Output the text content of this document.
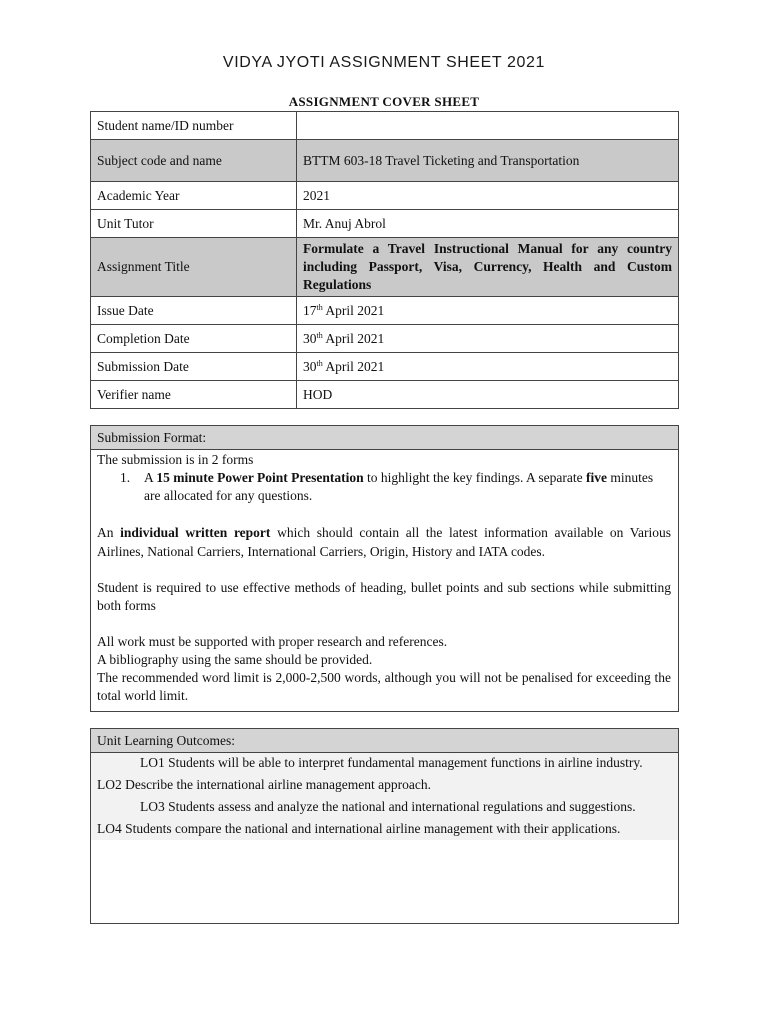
VIDYA JYOTI ASSIGNMENT SHEET 2021
ASSIGNMENT COVER SHEET
Student name/ID number	
Subject code and name	BTTM 603-18 Travel Ticketing and Transportation
Academic Year	2021
Unit Tutor	Mr. Anuj Abrol
Assignment Title	Formulate a Travel Instructional Manual for any country including Passport, Visa, Currency, Health and Custom Regulations
Issue Date	17th April 2021
Completion Date	30th April 2021
Submission Date	30th April 2021
Verifier name	HOD
Submission Format:
The submission is in 2 forms
1.	A 15 minute Power Point Presentation to highlight the key findings. A separate five minutes are allocated for any questions.
An individual written report which should contain all the latest information available on Various Airlines, National Carriers, International Carriers, Origin, History and IATA codes.
Student is required to use effective methods of heading, bullet points and sub sections while submitting both forms
All work must be supported with proper research and references.
A bibliography using the same should be provided.
The recommended word limit is 2,000-2,500 words, although you will not be penalised for exceeding the total world limit.
Unit Learning Outcomes:
LO1 Students will be able to interpret fundamental management functions in airline industry.
LO2 Describe the international airline management approach.
LO3 Students assess and analyze the national and international regulations and suggestions.
LO4 Students compare the national and international airline management with their applications.
